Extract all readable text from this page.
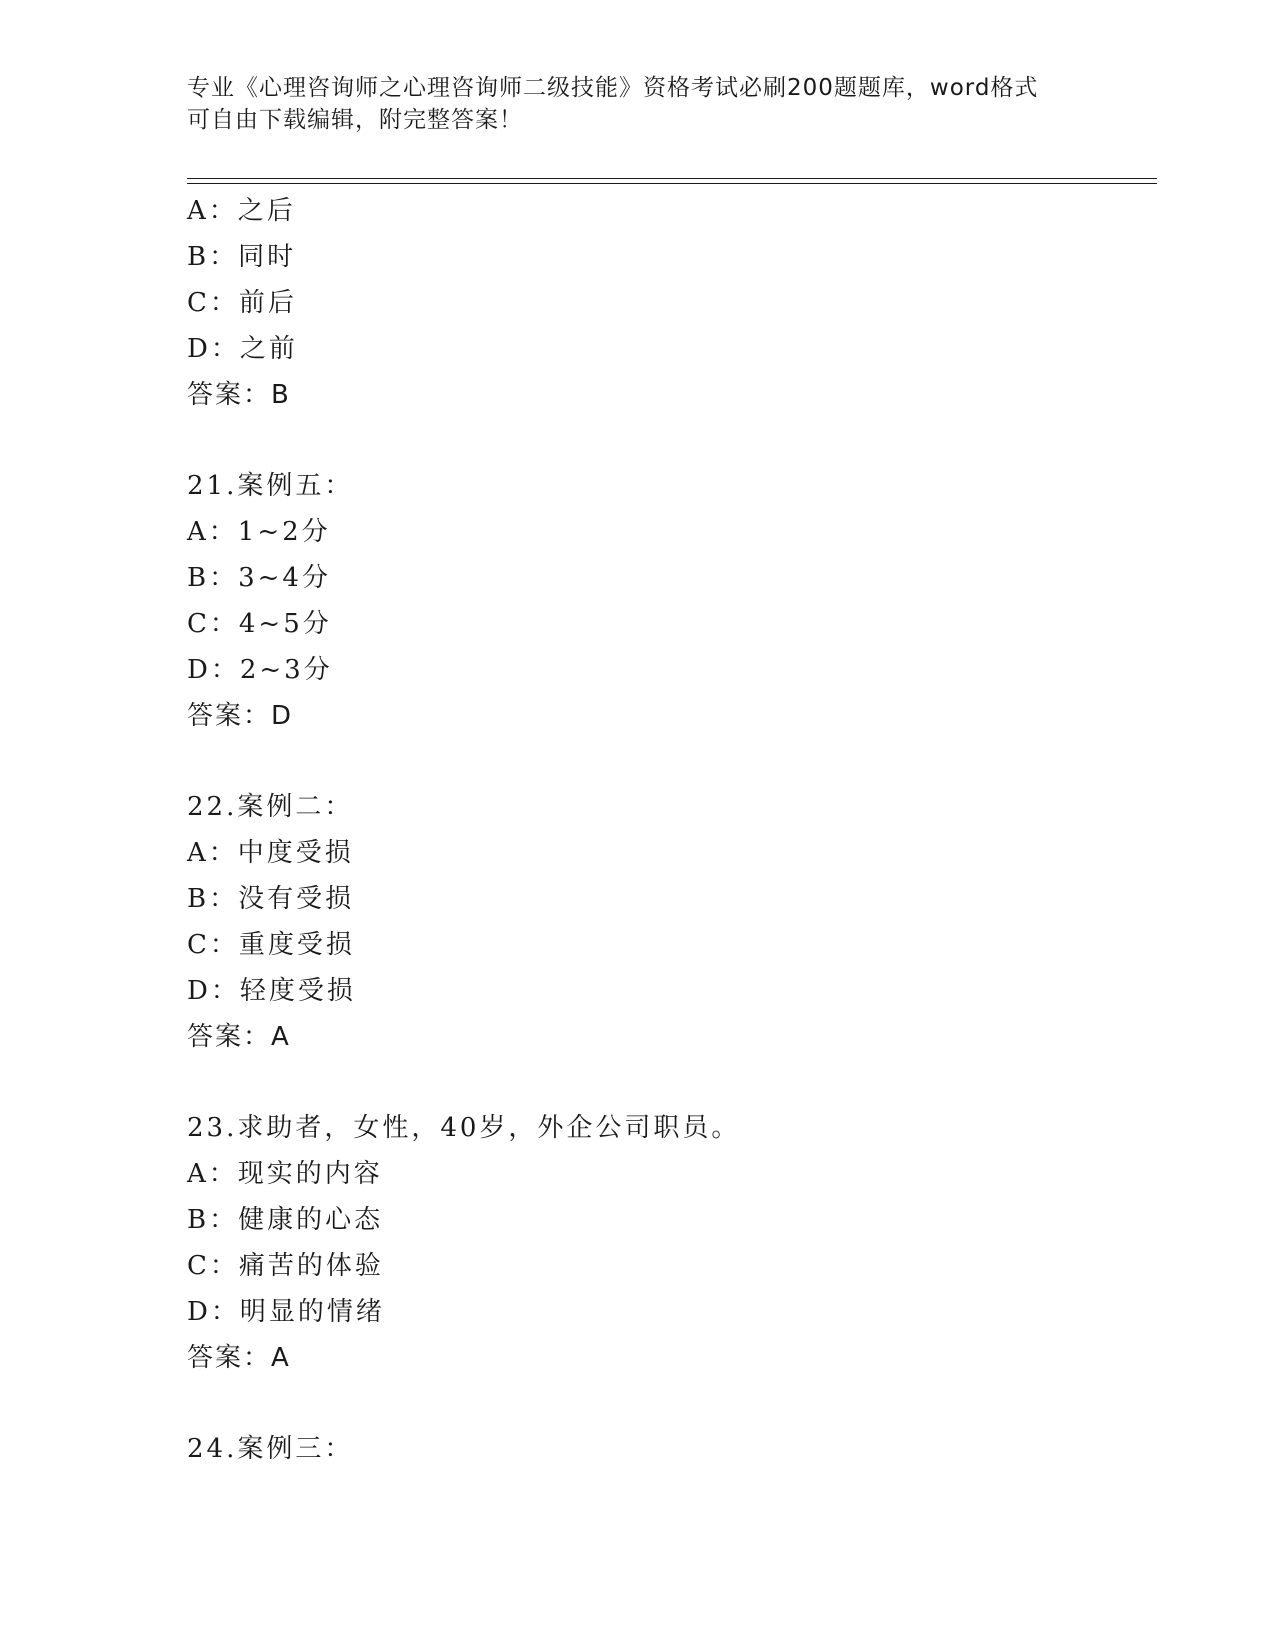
专业《心理咨询师之心理咨询师二级技能》资格考试必刷200题题库，word格式
可自由下载编辑，附完整答案！
A：之后
B：同时
C：前后
D：之前
答案：B
21.案例五：
A：1~2分
B：3~4分
C：4~5分
D：2~3分
答案：D
22.案例二：
A：中度受损
B：没有受损
C：重度受损
D：轻度受损
答案：A
23.求助者，女性，40岁，外企公司职员。
A：现实的内容
B：健康的心态
C：痛苦的体验
D：明显的情绪
答案：A
24.案例三：
